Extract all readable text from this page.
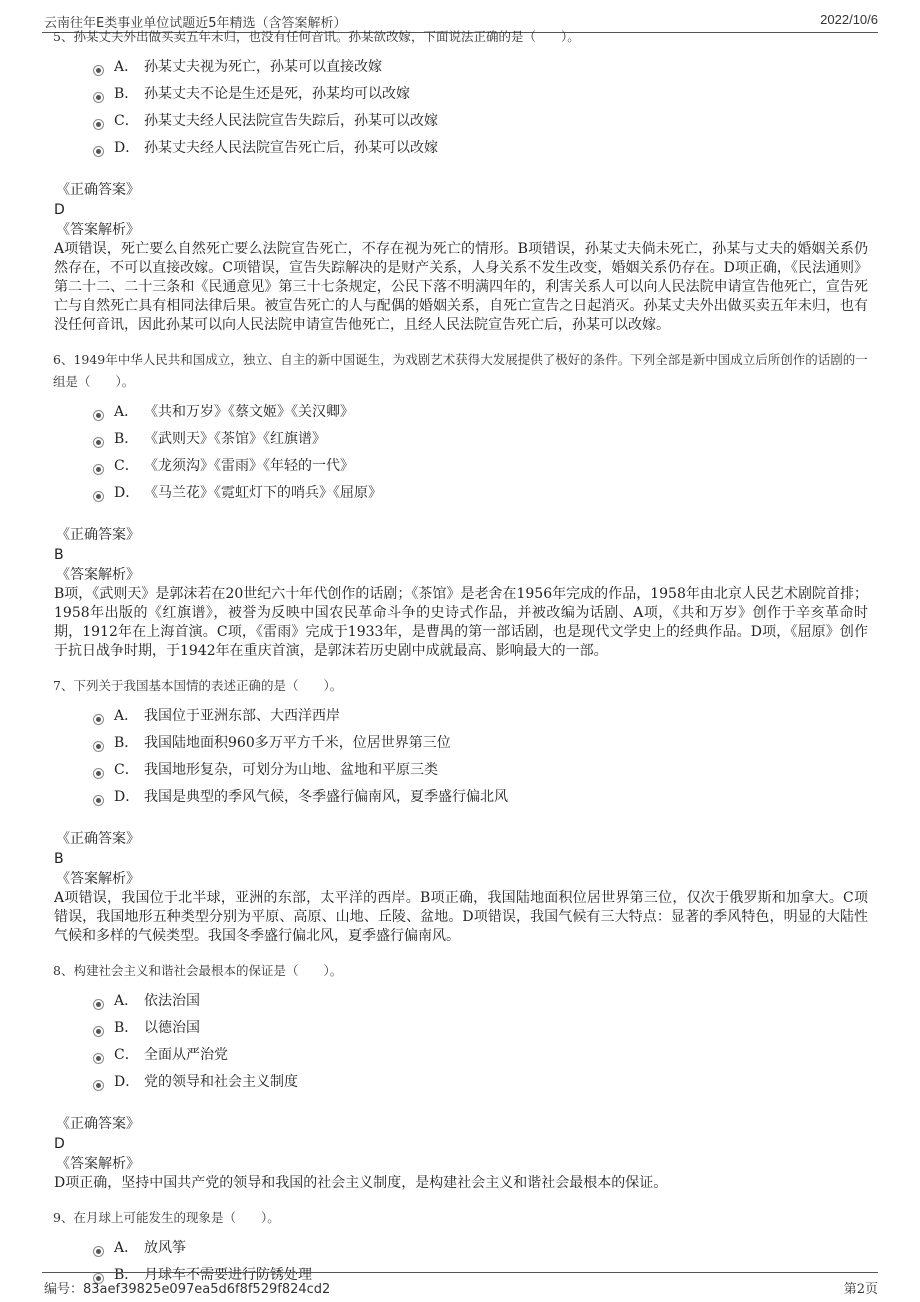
云南往年E类事业单位试题近5年精选（含答案解析）	2022/10/6

5、孙某丈夫外出做买卖五年未归，也没有任何音讯。孙某欲改嫁，下面说法正确的是（　　）。

A． 孙某丈夫视为死亡，孙某可以直接改嫁
B． 孙某丈夫不论是生还是死，孙某均可以改嫁
C． 孙某丈夫经人民法院宣告失踪后，孙某可以改嫁
D． 孙某丈夫经人民法院宣告死亡后，孙某可以改嫁
《正确答案》
D
《答案解析》
A项错误，死亡要么自然死亡要么法院宣告死亡，不存在视为死亡的情形。B项错误，孙某丈夫倘未死亡，孙某与丈夫的婚姻关系仍然存在，不可以直接改嫁。C项错误，宣告失踪解决的是财产关系，人身关系不发生改变，婚姻关系仍存在。D项正确，《民法通则》第二十二、二十三条和《民通意见》第三十七条规定，公民下落不明满四年的，利害关系人可以向人民法院申请宣告他死亡，宣告死亡与自然死亡具有相同法律后果。被宣告死亡的人与配偶的婚姻关系，自死亡宣告之日起消灭。孙某丈夫外出做买卖五年未归，也有没任何音讯，因此孙某可以向人民法院申请宣告他死亡，且经人民法院宣告死亡后，孙某可以改嫁。

6、1949年中华人民共和国成立，独立、自主的新中国诞生，为戏剧艺术获得大发展提供了极好的条件。下列全部是新中国成立后所创作的话剧的一组是（　　）。

A． 《共和万岁》《蔡文姬》《关汉卿》
B． 《武则天》《茶馆》《红旗谱》
C． 《龙须沟》《雷雨》《年轻的一代》
D． 《马兰花》《霓虹灯下的哨兵》《屈原》
《正确答案》
B
《答案解析》
B项，《武则天》是郭沫若在20世纪六十年代创作的话剧；《茶馆》是老舍在1956年完成的作品，1958年由北京人民艺术剧院首排；1958年出版的《红旗谱》，被誉为反映中国农民革命斗争的史诗式作品，并被改编为话剧、A项，《共和万岁》创作于辛亥革命时期，1912年在上海首演。C项，《雷雨》完成于1933年，是曹禺的第一部话剧，也是现代文学史上的经典作品。D项，《屈原》创作于抗日战争时期，于1942年在重庆首演，是郭沫若历史剧中成就最高、影响最大的一部。

7、下列关于我国基本国情的表述正确的是（　　）。

A． 我国位于亚洲东部、大西洋西岸
B． 我国陆地面积960多万平方千米，位居世界第三位
C． 我国地形复杂，可划分为山地、盆地和平原三类
D． 我国是典型的季风气候，冬季盛行偏南风，夏季盛行偏北风
《正确答案》
B
《答案解析》
A项错误，我国位于北半球，亚洲的东部，太平洋的西岸。B项正确，我国陆地面积位居世界第三位，仅次于俄罗斯和加拿大。C项错误，我国地形五种类型分别为平原、高原、山地、丘陵、盆地。D项错误，我国气候有三大特点：显著的季风特色，明显的大陆性气候和多样的气候类型。我国冬季盛行偏北风，夏季盛行偏南风。

8、构建社会主义和谐社会最根本的保证是（　　）。

A． 依法治国
B． 以德治国
C． 全面从严治党
D． 党的领导和社会主义制度
《正确答案》
D
《答案解析》
D项正确，坚持中国共产党的领导和我国的社会主义制度，是构建社会主义和谐社会最根本的保证。

9、在月球上可能发生的现象是（　　）。

A． 放风筝
B． 月球车不需要进行防锈处理
编号：83aef39825e097ea5d6f8f529f824cd2	第2页
